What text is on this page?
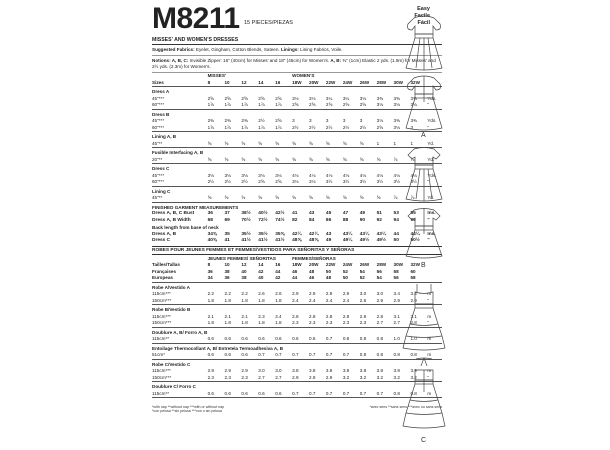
M8211 15 PIECES/PIEZAS
Easy
Facile
Fácil
MISSES' AND WOMEN'S DRESSES
Suggested Fabrics: Eyelet, Gingham, Cotton Blends, Sateen. Linings: Lining Fabrics, Voile.
Notions: A, B, C: Invisible Zipper: 16" (40cm) for Misses' and 18" (45cm) for Women's. A, B: ⅜" (1cm) Elastic 2 yds. (1.9m) for Misses' and 2½ yds. (2.3m) for Women's.
	MISSES'					WOMEN'S								
Sizes	8	10	12	14	16	18W	20W	22W	24W	26W	28W	30W	32W	

Dress A														
45"***	2⅝	2⅝	2⅝	2⅝	2⅝	3⅛	3⅛	3¼	3¼	3⅛	3⅜	3⅜	3⅜	Yds.
60"***	1⅞	1⅞	1⅞	1⅞	1⅞	2⅝	2⅝	2⅝	2⅝	2⅝	3⅛	3⅛	3⅛	"

Dress B														
45"***	2⅜	2⅜	2⅜	2½	2⅝	3	3	3	3	3	3⅛	3⅜	3⅜	Yds.
60"***	1⅞	1⅞	1⅞	1⅞	1⅞	2½	2½	2½	2½	2½	2⅝	3⅛	3	"

Lining A, B														
45"**	⅝	⅝	⅝	⅝	⅝	⅝	⅝	⅝	⅝	⅝	1	1	1	Yd.

Fusible Interfacing A, B														
20"**	⅝	⅝	⅝	⅝	⅝	⅝	⅝	⅝	⅝	⅝	⅝	⅞	⅞	Yd.

Dress C														
45"***	3⅛	3⅛	3⅛	3⅛	3⅛	4⅛	4⅛	4⅛	4⅛	4⅛	4⅛	4⅛	4⅛	Yds.
60"***	2½	2½	2½	2⅝	2⅝	3⅛	3⅛	3½	3½	3½	3½	3½	3½	"

Lining C														
45"**	⅝	⅝	⅝	⅝	⅝	⅝	⅝	⅝	⅝	⅝	⅝	⅞	⅞	Yd.

FINISHED GARMENT MEASUREMENTS														
Dress A, B, C Bust	36	37	38½	40½	42½	41	43	45	47	49	51	53	55	Ins.
Dress A, B Width	68	69	70½	72½	74½	82	84	86	88	90	92	94	96	"
Back length from base of neck														
Dress A, B	34⅝	35	35½	35½	35⅝	42¼	42¼	43	43¼	43¼	43¼	44	44¼	Ins.
Dress C	40⅝	41	41½	41½	41½	48⅝	48⅝	49	49¼	49½	49½	50	50½	"
ROBES POUR JEUNES FEMMES ET FEMMES/VESTIDOS PARA SEÑORITAS Y SEÑORAS
	JEUNES FEMMES/ SEÑORITAS					FEMMES/SEÑORAS								
Tailles/Tallas	8	10	12	14	16	18W	20W	22W	24W	26W	28W	30W	32W	
Françaises	36	38	40	42	44	46	48	50	52	54	56	58	60	
Europeas	34	36	38	40	42	44	46	48	50	52	54	56	58	

Robe A/Vestido A														
115cm***	2.2	2.2	2.2	2.6	2.6	2.9	2.9	2.9	2.9	3.0	3.0	3.4	3.4	m
150cm***	1.8	1.8	1.8	1.8	1.8	2.4	2.4	2.4	2.4	2.6	2.9	2.9	2.9	"

Robe B/Vestido B														
115cm***	2.1	2.1	2.1	2.3	2.4	2.8	2.8	2.8	2.8	2.8	2.8	3.1	3.1	m
150cm***	1.8	1.8	1.8	1.8	1.8	2.3	2.3	2.3	2.3	2.3	2.7	2.7	2.8	"

Doublure A, B/ Forro A, B														
115cm**	0.6	0.6	0.6	0.6	0.6	0.6	0.6	0.7	0.8	0.8	0.8	1.0	1.0	m

Entoilage Thermocollant A, B/ Entretela Termoadhesiva A, B														
51cm*	0.6	0.6	0.6	0.7	0.7	0.7	0.7	0.7	0.7	0.8	0.8	0.8	0.8	m

Robe C/Vestido C														
115cm***	2.9	2.9	2.9	3.0	3.0	3.8	3.8	3.8	3.8	3.8	3.8	3.9	3.9	m
150cm***	2.3	2.3	2.3	2.7	2.7	2.9	2.9	2.9	3.2	3.2	3.2	3.2	3.2	"

Doublure C/ Forro C														
115cm**	0.6	0.6	0.6	0.6	0.6	0.7	0.7	0.7	0.7	0.7	0.7	0.8	0.8	m

*with nap **without nap ***with or without nap
*con pelusa **sin pelusa ***con o sin pelusa
*avec sens **sans sens ***avec ou sans sens
A
B
C
